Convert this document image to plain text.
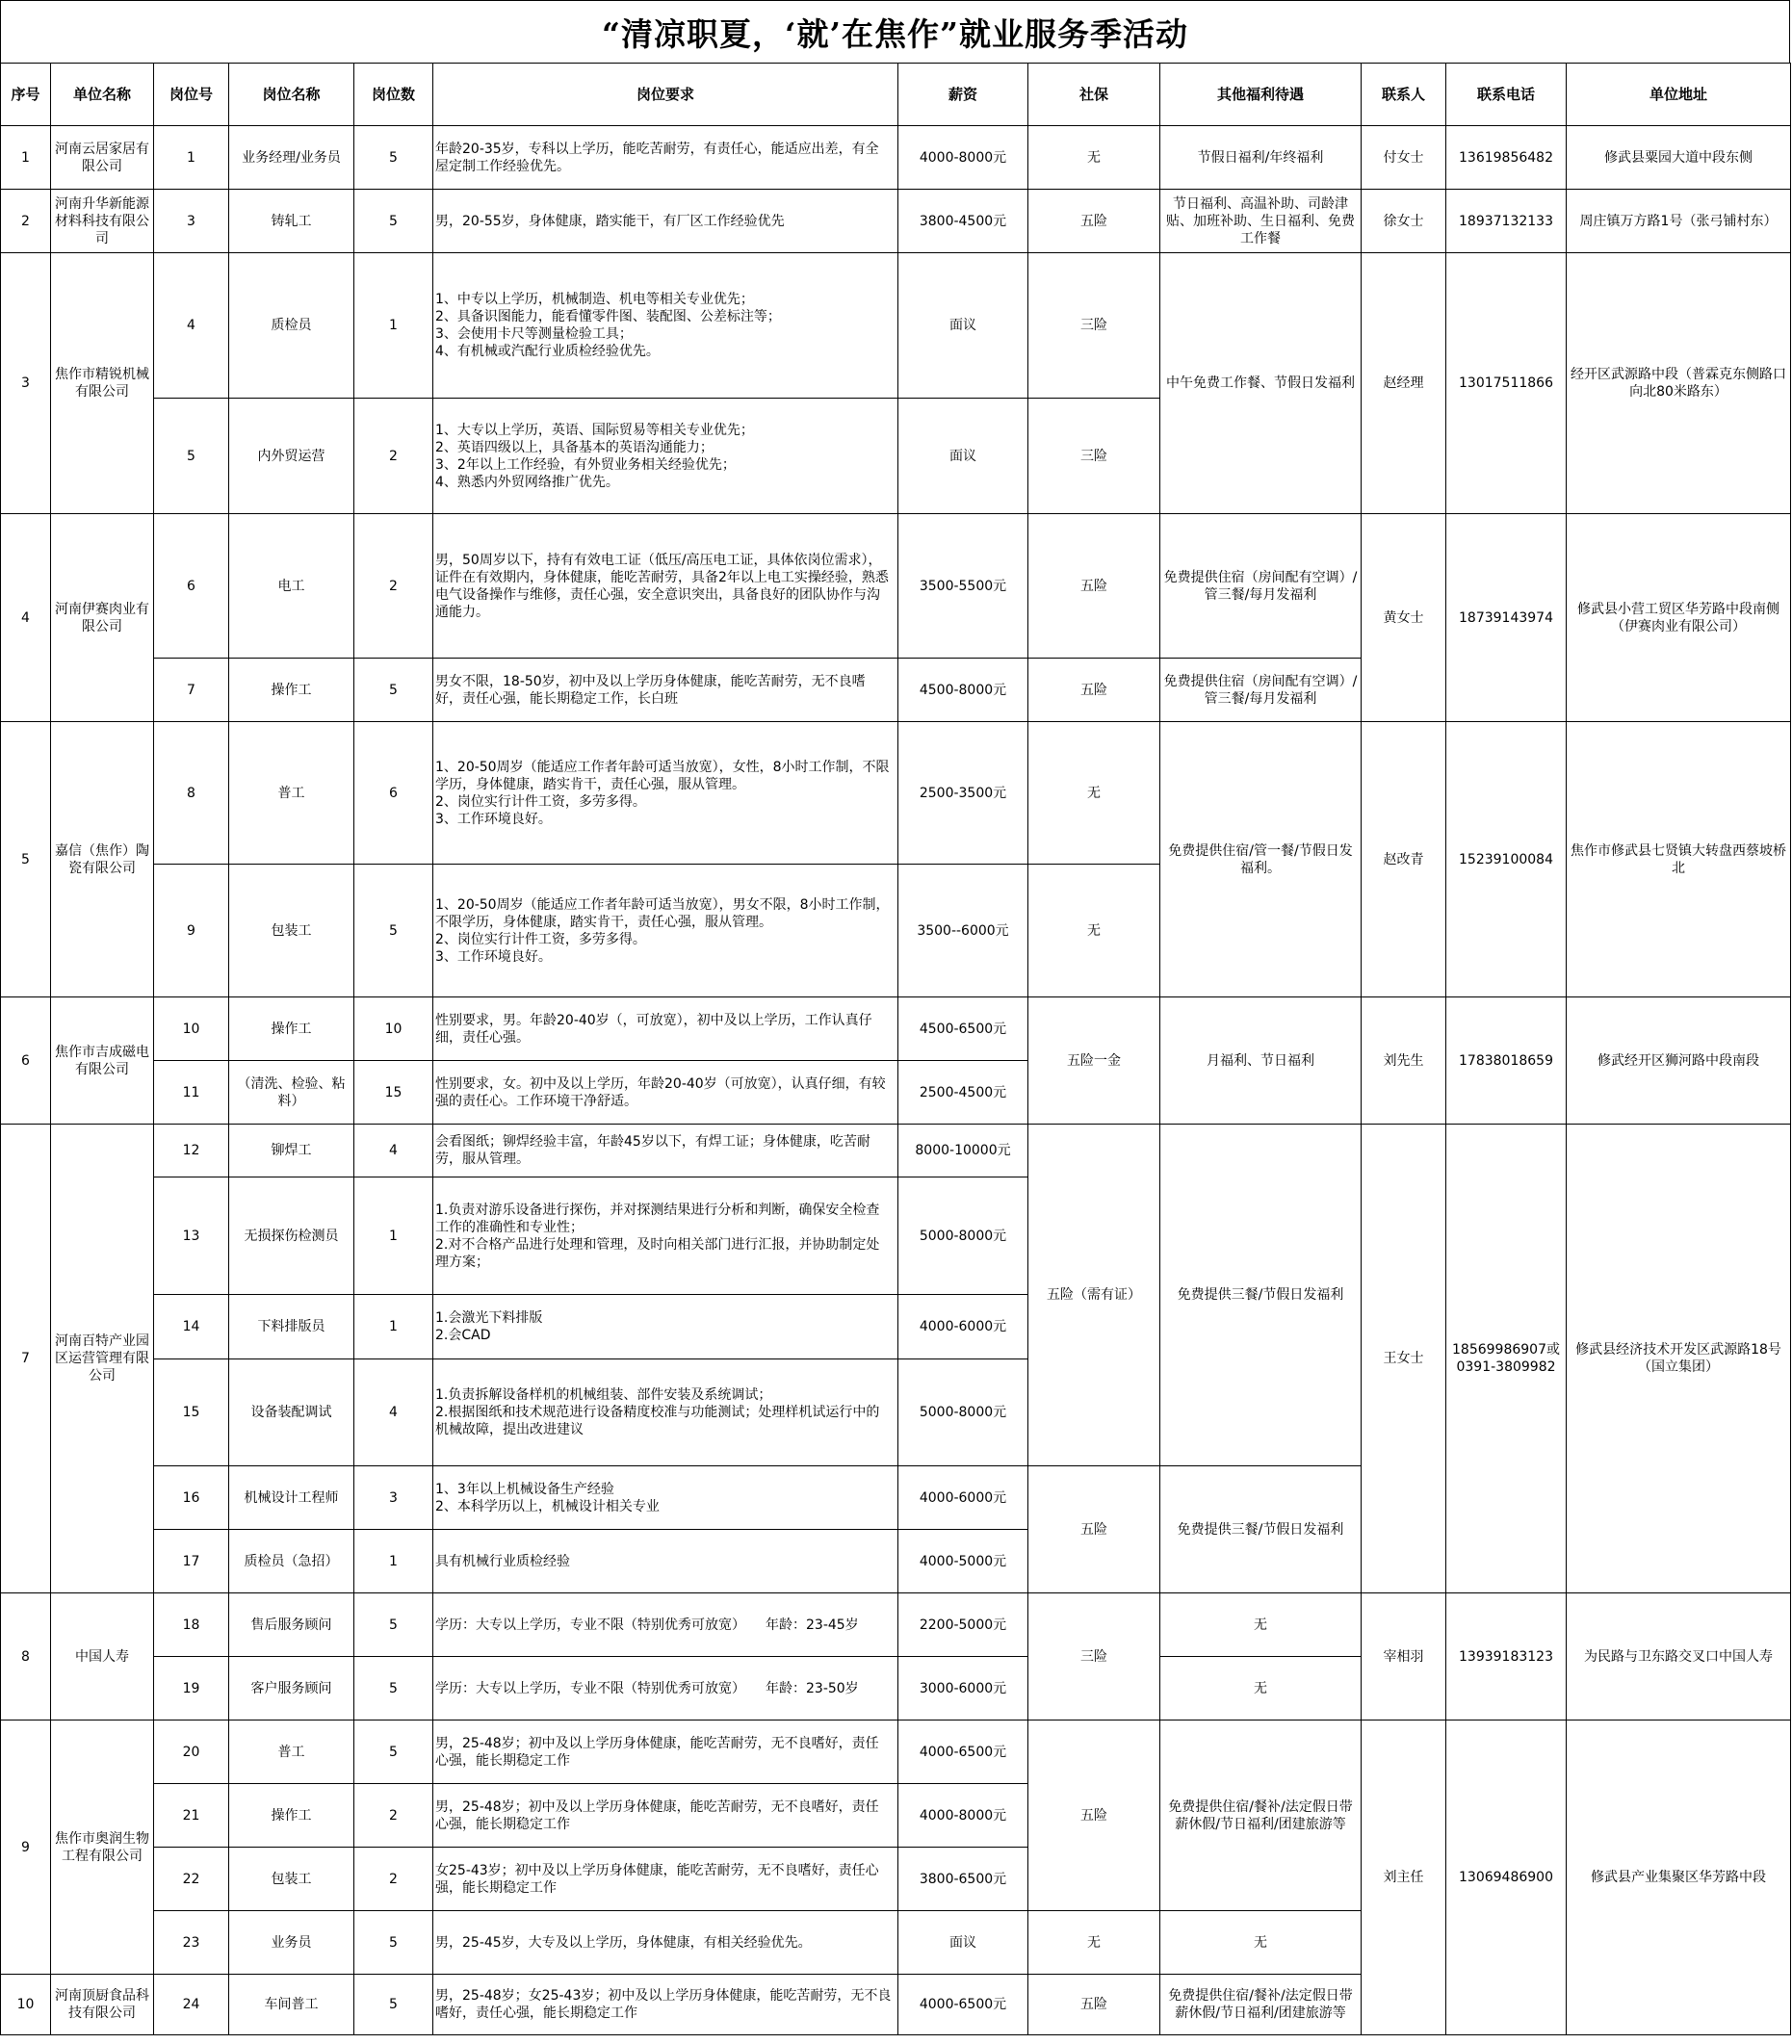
“清凉职夏，‘就’在焦作”就业服务季活动
序号	单位名称	岗位号	岗位名称	岗位数	岗位要求	薪资	社保	其他福利待遇	联系人	联系电话	单位地址
1	河南云居家居有限公司	1	业务经理/业务员	5	年龄20-35岁，专科以上学历，能吃苦耐劳，有责任心，能适应出差，有全屋定制工作经验优先。	4000-8000元	无	节假日福利/年终福利	付女士	13619856482	修武县粟园大道中段东侧
2	河南升华新能源材料科技有限公司	3	铸轧工	5	男，20-55岁，身体健康，踏实能干，有厂区工作经验优先	3800-4500元	五险	节日福利、高温补助、司龄津贴、加班补助、生日福利、免费工作餐	徐女士	18937132133	周庄镇万方路1号（张弓铺村东）
3	焦作市精锐机械有限公司	4	质检员	1	1、中专以上学历，机械制造、机电等相关专业优先；
2、具备识图能力，能看懂零件图、装配图、公差标注等；
3、会使用卡尺等测量检验工具；
4、有机械或汽配行业质检经验优先。	面议	三险	中午免费工作餐、节假日发福利	赵经理	13017511866	经开区武源路中段（普霖克东侧路口向北80米路东）
		5	内外贸运营	2	1、大专以上学历，英语、国际贸易等相关专业优先；
2、英语四级以上，具备基本的英语沟通能力；
3、2年以上工作经验，有外贸业务相关经验优先；
4、熟悉内外贸网络推广优先。	面议	三险				
4	河南伊赛肉业有限公司	6	电工	2	男，50周岁以下，持有有效电工证（低压/高压电工证，具体依岗位需求），证件在有效期内，身体健康，能吃苦耐劳，具备2年以上电工实操经验，熟悉电气设备操作与维修，责任心强，安全意识突出，具备良好的团队协作与沟通能力。	3500-5500元	五险	免费提供住宿（房间配有空调）/管三餐/每月发福利	黄女士	18739143974	修武县小营工贸区华芳路中段南侧（伊赛肉业有限公司）
		7	操作工	5	男女不限，18-50岁，初中及以上学历身体健康，能吃苦耐劳，无不良嗜好，责任心强，能长期稳定工作，长白班	4500-8000元	五险	免费提供住宿（房间配有空调）/管三餐/每月发福利			
5	嘉信（焦作）陶瓷有限公司	8	普工	6	1、20-50周岁（能适应工作者年龄可适当放宽），女性，8小时工作制，不限学历，身体健康，踏实肯干，责任心强，服从管理。
2、岗位实行计件工资，多劳多得。
3、工作环境良好。	2500-3500元	无	免费提供住宿/管一餐/节假日发福利。	赵改青	15239100084	焦作市修武县七贤镇大转盘西蔡坡桥北
		9	包装工	5	1、20-50周岁（能适应工作者年龄可适当放宽），男女不限，8小时工作制，不限学历，身体健康，踏实肯干，责任心强，服从管理。
2、岗位实行计件工资，多劳多得。
3、工作环境良好。	3500--6000元	无				
6	焦作市吉成磁电有限公司	10	操作工	10	性别要求，男。年龄20-40岁（，可放宽），初中及以上学历，工作认真仔细，责任心强。	4500-6500元	五险一金	月福利、节日福利	刘先生	17838018659	修武经开区狮河路中段南段
		11	（清洗、检验、粘料）	15	性别要求，女。初中及以上学历，年龄20-40岁（可放宽），认真仔细，有较强的责任心。工作环境干净舒适。	2500-4500元					
7	河南百特产业园区运营管理有限公司	12	铆焊工	4	会看图纸；铆焊经验丰富，年龄45岁以下，有焊工证；身体健康，吃苦耐劳，服从管理。	8000-10000元	五险（需有证）	免费提供三餐/节假日发福利	王女士	18569986907或0391-3809982	修武县经济技术开发区武源路18号 （国立集团）
		13	无损探伤检测员	1	1.负责对游乐设备进行探伤，并对探测结果进行分析和判断，确保安全检查工作的准确性和专业性；
2.对不合格产品进行处理和管理，及时向相关部门进行汇报，并协助制定处理方案；	5000-8000元					
		14	下料排版员	1	1.会激光下料排版
2.会CAD	4000-6000元					
		15	设备装配调试	4	1.负责拆解设备样机的机械组装、部件安装及系统调试；
2.根据图纸和技术规范进行设备精度校准与功能测试；处理样机试运行中的机械故障，提出改进建议	5000-8000元					
		16	机械设计工程师	3	1、3年以上机械设备生产经验
2、本科学历以上，机械设计相关专业	4000-6000元	五险	免费提供三餐/节假日发福利			
		17	质检员（急招）	1	具有机械行业质检经验	4000-5000元					
8	中国人寿	18	售后服务顾问	5	学历：大专以上学历，专业不限（特别优秀可放宽）　　年龄：23-45岁	2200-5000元	三险	无	宰相羽	13939183123	为民路与卫东路交叉口中国人寿
		19	客户服务顾问	5	学历：大专以上学历，专业不限（特别优秀可放宽）　　年龄：23-50岁	3000-6000元		无			
9	焦作市奥润生物工程有限公司	20	普工	5	男，25-48岁；初中及以上学历身体健康，能吃苦耐劳，无不良嗜好，责任心强，能长期稳定工作	4000-6500元	五险	免费提供住宿/餐补/法定假日带薪休假/节日福利/团建旅游等	刘主任	13069486900	修武县产业集聚区华芳路中段
		21	操作工	2	男，25-48岁；初中及以上学历身体健康，能吃苦耐劳，无不良嗜好，责任心强，能长期稳定工作	4000-8000元					
		22	包装工	2	女25-43岁；初中及以上学历身体健康，能吃苦耐劳，无不良嗜好，责任心强，能长期稳定工作	3800-6500元					
		23	业务员	5	男，25-45岁，大专及以上学历，身体健康，有相关经验优先。	面议	无	无			
10	河南顶厨食品科技有限公司	24	车间普工	5	男，25-48岁；女25-43岁；初中及以上学历身体健康，能吃苦耐劳，无不良嗜好，责任心强，能长期稳定工作	4000-6500元	五险	免费提供住宿/餐补/法定假日带薪休假/节日福利/团建旅游等			
